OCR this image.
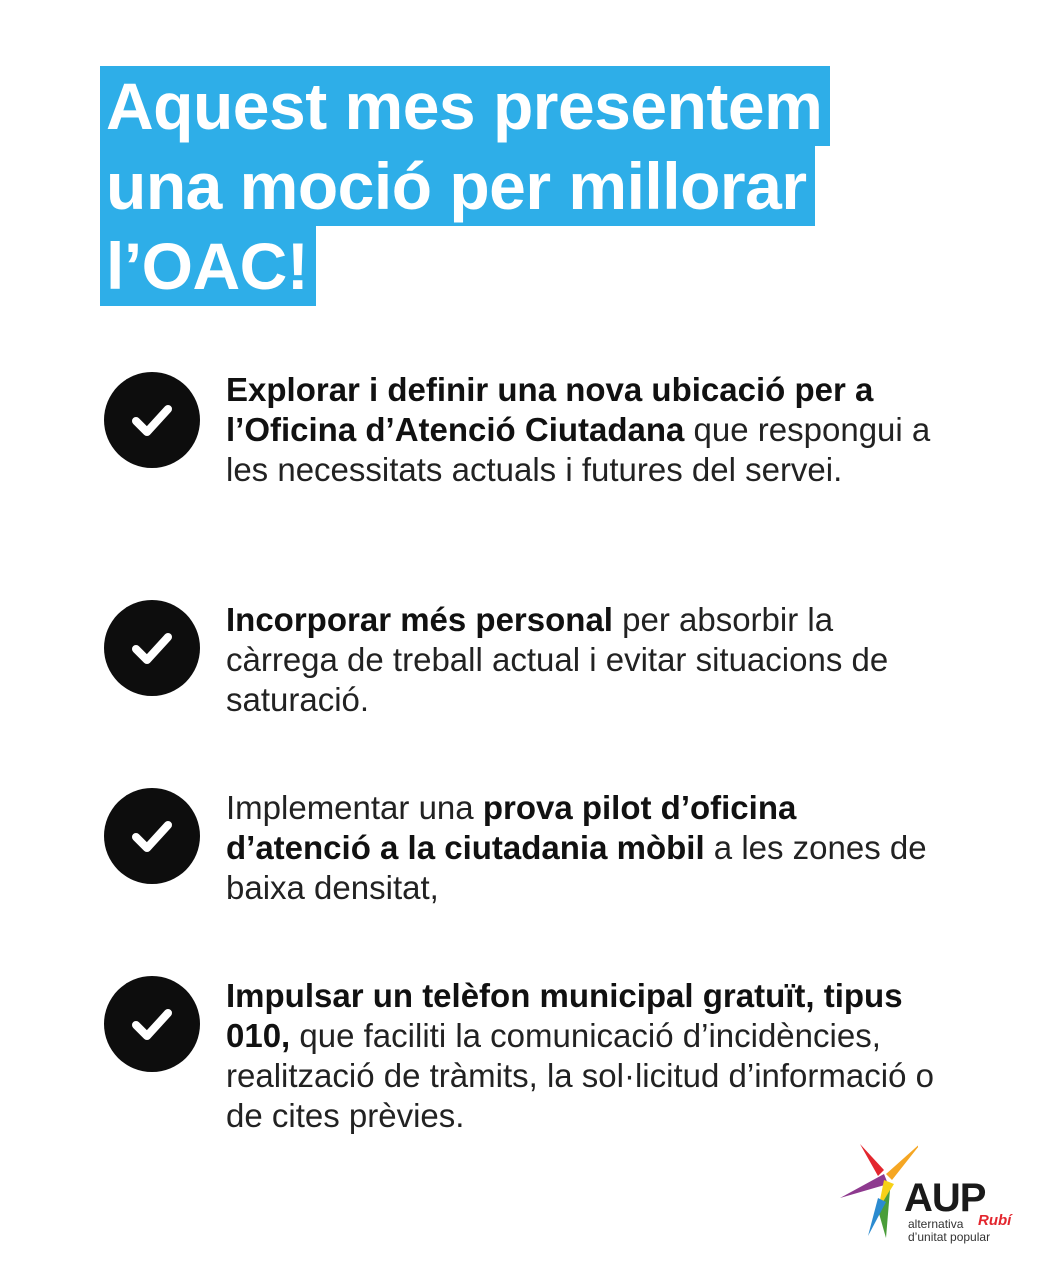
Aquest mes presentem
una moció per millorar
l’OAC!
Explorar i definir una nova ubicació per a l’Oficina d’Atenció Ciutadana que respongui a les necessitats actuals i futures del servei.
Incorporar més personal per absorbir la càrrega de treball actual i evitar situacions de saturació.
Implementar una prova pilot d’oficina d’atenció a la ciutadania mòbil a les zones de baixa densitat,
Impulsar un telèfon municipal gratuït, tipus 010, que faciliti la comunicació d’incidències, realització de tràmits, la sol·licitud d’informació o de cites prèvies.
AUP
Rubí
alternativa
d’unitat popular
